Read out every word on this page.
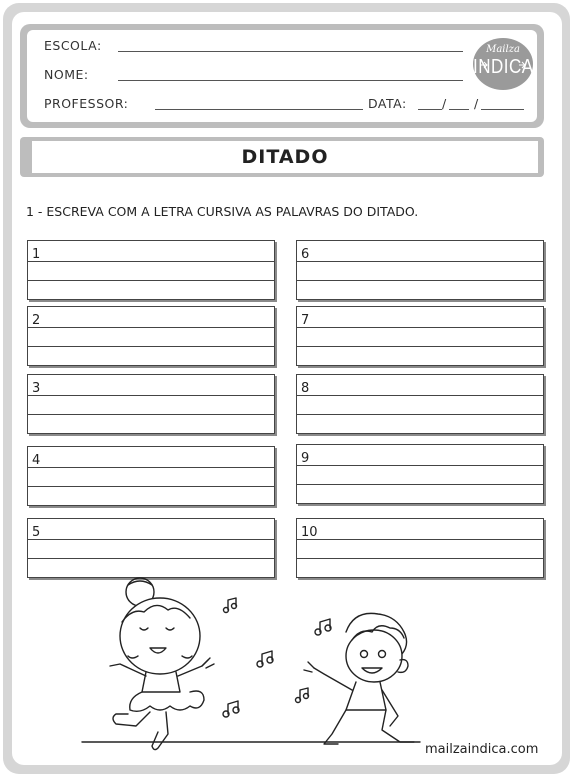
ESCOLA:
NOME:
PROFESSOR:	DATA:	/ /
Mailza
INDICA
DITADO
1 - ESCREVA COM A LETRA CURSIVA AS PALAVRAS DO DITADO.
1
2
3
4
5
6
7
8
9
10
mailzaindica.com
